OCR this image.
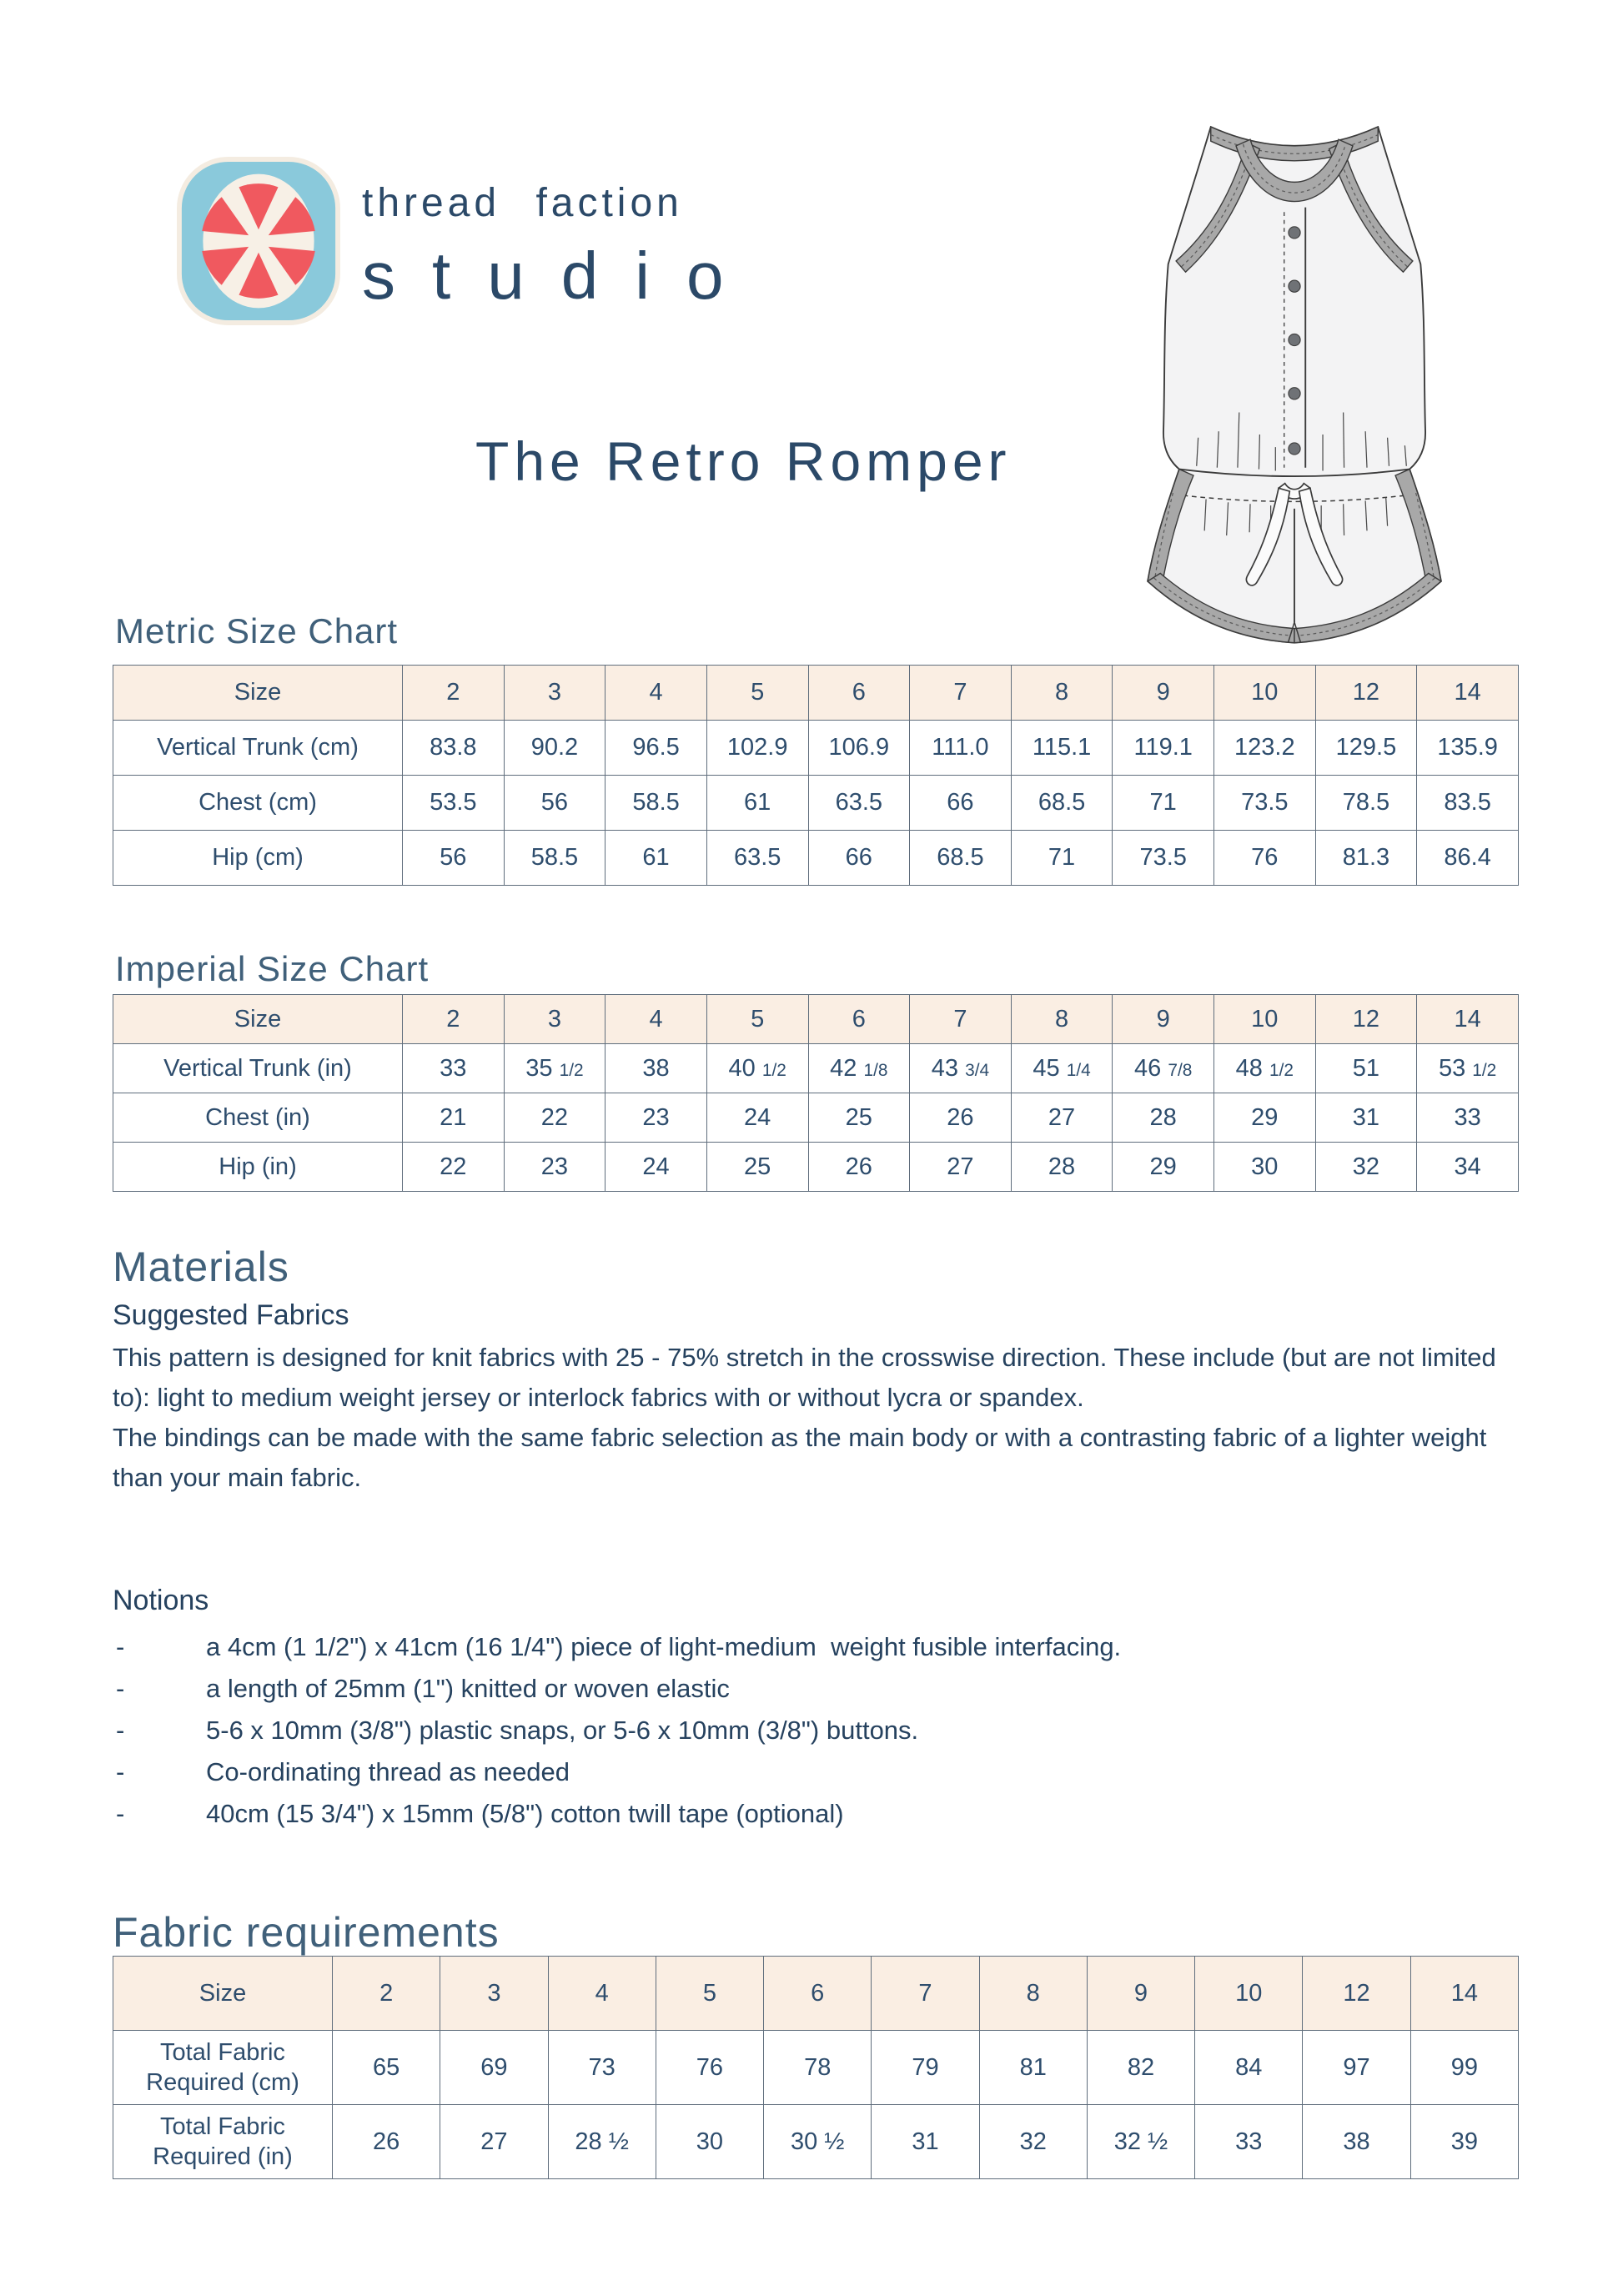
thread faction
studio
The Retro Romper
Metric Size Chart
Size	2	3	4	5	6	7	8	9	10	12	14
Vertical Trunk (cm)	83.8	90.2	96.5	102.9	106.9	111.0	115.1	119.1	123.2	129.5	135.9
Chest (cm)	53.5	56	58.5	61	63.5	66	68.5	71	73.5	78.5	83.5
Hip (cm)	56	58.5	61	63.5	66	68.5	71	73.5	76	81.3	86.4
Imperial Size Chart
Size	2	3	4	5	6	7	8	9	10	12	14
Vertical Trunk (in)	33	35 1/2	38	40 1/2	42 1/8	43 3/4	45 1/4	46 7/8	48 1/2	51	53 1/2
Chest (in)	21	22	23	24	25	26	27	28	29	31	33
Hip (in)	22	23	24	25	26	27	28	29	30	32	34
Materials
Suggested Fabrics

This pattern is designed for knit fabrics with 25 - 75% stretch in the crosswise direction. These include (but are not limited to): light to medium weight jersey or interlock fabrics with or without lycra or spandex.

The bindings can be made with the same fabric selection as the main body or with a contrasting fabric of a lighter weight than your main fabric.

Notions
-	a 4cm (1 1/2") x 41cm (16 1/4") piece of light-medium  weight fusible interfacing.
-	a length of 25mm (1") knitted or woven elastic
-	5-6 x 10mm (3/8") plastic snaps, or 5-6 x 10mm (3/8") buttons.
-	Co-ordinating thread as needed
-	40cm (15 3/4") x 15mm (5/8") cotton twill tape (optional)
Fabric requirements
Size	2	3	4	5	6	7	8	9	10	12	14
Total Fabric Required (cm)	65	69	73	76	78	79	81	82	84	97	99
Total Fabric Required (in)	26	27	28 ½	30	30 ½	31	32	32 ½	33	38	39
